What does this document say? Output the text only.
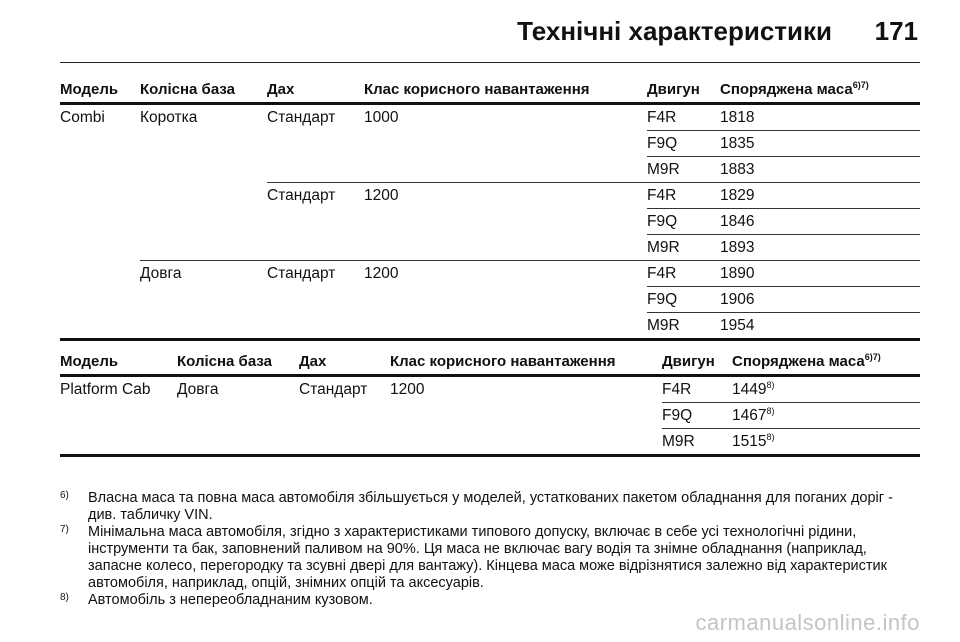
Технічні характеристики 171
Модель	Колісна база	Дах	Клас корисного навантаження	Двигун	Споряджена маса$^{6)7)}$
Combi	Коротка	Стандарт	1000	F4R	1818
				F9Q	1835
				M9R	1883
		Стандарт	1200	F4R	1829
				F9Q	1846
				M9R	1893
	Довга	Стандарт	1200	F4R	1890
				F9Q	1906
				M9R	1954
Модель	Колісна база	Дах	Клас корисного навантаження	Двигун	Споряджена маса$^{6)7)}$
Platform Cab	Довга	Стандарт	1200	F4R	1449$^{8)}$
				F9Q	1467$^{8)}$
				M9R	1515$^{8)}$
6) Власна маса та повна маса автомобіля збільшується у моделей, устаткованих пакетом обладнання для поганих доріг - див. табличку VIN.
7) Мінімальна маса автомобіля, згідно з характеристиками типового допуску, включає в себе усі технологічні рідини, інструменти та бак, заповнений паливом на 90%. Ця маса не включає вагу водія та знімне обладнання (наприклад, запасне колесо, перегородку та зсувні двері для вантажу). Кінцева маса може відрізнятися залежно від характеристик автомобіля, наприклад, опцій, знімних опцій та аксесуарів.
8) Автомобіль з непереобладнаним кузовом.
carmanualsonline.info
